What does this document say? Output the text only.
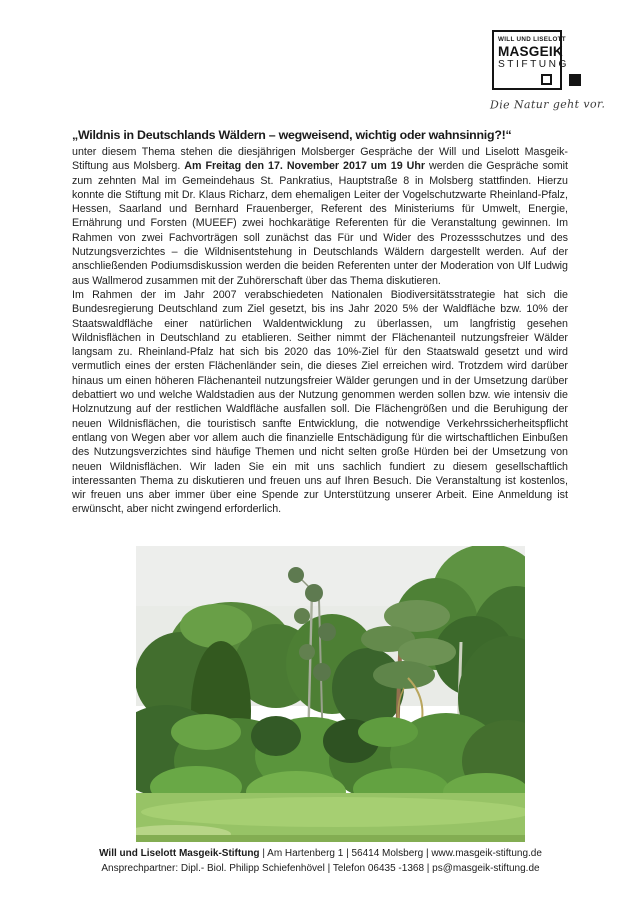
WILL UND LISELOTT
MASGEIK
STIFTUNG
Die Natur geht vor.
„Wildnis in Deutschlands Wäldern – wegweisend, wichtig oder wahnsinnig?!“

unter diesem Thema stehen die diesjährigen Molsberger Gespräche der Will und Liselott Masgeik-Stiftung aus Molsberg. Am Freitag den 17. November 2017 um 19 Uhr werden die Gespräche somit zum zehnten Mal im Gemeindehaus St. Pankratius, Hauptstraße 8 in Molsberg stattfinden. Hierzu konnte die Stiftung mit Dr. Klaus Richarz, dem ehemaligen Leiter der Vogelschutzwarte Rheinland-Pfalz, Hessen, Saarland und Bernhard Frauenberger, Referent des Ministeriums für Umwelt, Energie, Ernährung und Forsten (MUEEF) zwei hochkarätige Referenten für die Veranstaltung gewinnen. Im Rahmen von zwei Fachvorträgen soll zunächst das Für und Wider des Prozessschutzes und des Nutzungsverzichtes – die Wildnisentstehung in Deutschlands Wäldern dargestellt werden. Auf der anschließenden Podiumsdiskussion werden die beiden Referenten unter der Moderation von Ulf Ludwig aus Wallmerod zusammen mit der Zuhörerschaft über das Thema diskutieren.

Im Rahmen der im Jahr 2007 verabschiedeten Nationalen Biodiversitätsstrategie hat sich die Bundesregierung Deutschland zum Ziel gesetzt, bis ins Jahr 2020 5% der Waldfläche bzw. 10% der Staatswaldfläche einer natürlichen Waldentwicklung zu überlassen, um langfristig gesehen Wildnisflächen in Deutschland zu etablieren. Seither nimmt der Flächenanteil nutzungsfreier Wälder langsam zu. Rheinland-Pfalz hat sich bis 2020 das 10%-Ziel für den Staatswald gesetzt und wird vermutlich eines der ersten Flächenländer sein, die dieses Ziel erreichen wird. Trotzdem wird darüber hinaus um einen höheren Flächenanteil nutzungsfreier Wälder gerungen und in der Umsetzung darüber debattiert wo und welche Waldstadien aus der Nutzung genommen werden sollen bzw. wie intensiv die Holznutzung auf der restlichen Waldfläche ausfallen soll. Die Flächengrößen und die Beruhigung der neuen Wildnisflächen, die touristisch sanfte Entwicklung, die notwendige Verkehrssicherheitspflicht entlang von Wegen aber vor allem auch die finanzielle Entschädigung für die wirtschaftlichen Einbußen des Nutzungsverzichtes sind häufige Themen und nicht selten große Hürden bei der Umsetzung von neuen Wildnisflächen. Wir laden Sie ein mit uns sachlich fundiert zu diesem gesellschaftlich interessanten Thema zu diskutieren und freuen uns auf Ihren Besuch. Die Veranstaltung ist kostenlos, wir freuen uns aber immer über eine Spende zur Unterstützung unserer Arbeit. Eine Anmeldung ist erwünscht, aber nicht zwingend erforderlich.

Will und Liselott Masgeik-Stiftung | Am Hartenberg 1 | 56414 Molsberg | www.masgeik-stiftung.de
Ansprechpartner: Dipl.- Biol. Philipp Schiefenhövel | Telefon 06435 -1368 | ps@masgeik-stiftung.de
